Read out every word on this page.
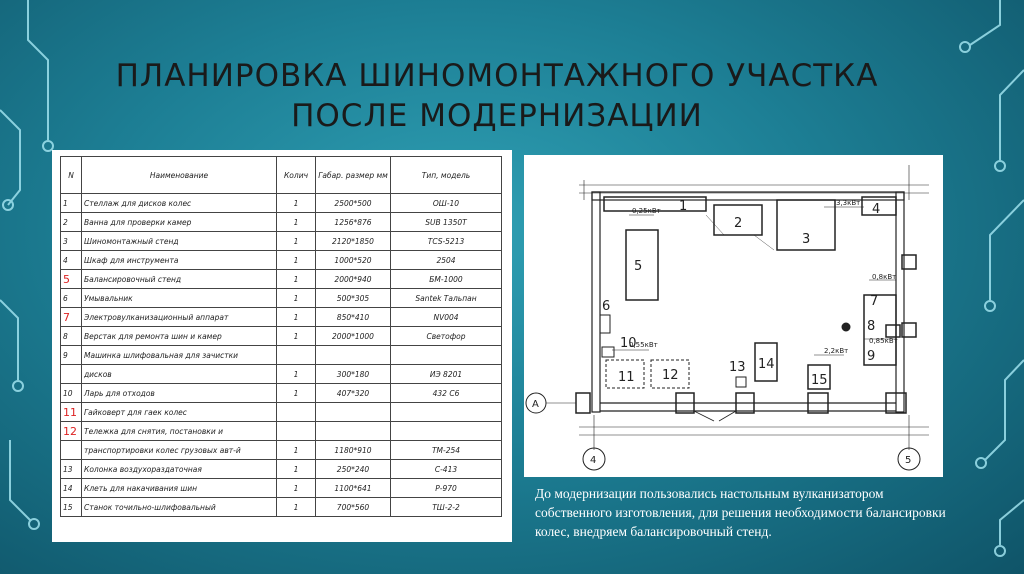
ПЛАНИРОВКА ШИНОМОНТАЖНОГО УЧАСТКА
ПОСЛЕ МОДЕРНИЗАЦИИ
N	Наименование	Колич	Габар. размер мм	Тип, модель
1	Стеллаж для дисков колес	1	2500*500	ОШ-10
2	Ванна для проверки камер	1	1256*876	SUB 1350T
3	Шиномонтажный стенд	1	2120*1850	TCS-5213
4	Шкаф для инструмента	1	1000*520	2504
5	Балансировочный стенд	1	2000*940	БМ-1000
6	Умывальник	1	500*305	Santek Тальпан
7	Электровулканизационный аппарат	1	850*410	NV004
8	Верстак для ремонта шин и камер	1	2000*1000	Светофор
9	Машинка шлифовальная для зачистки			
	дисков	1	300*180	ИЭ 8201
10	Ларь для отходов	1	407*320	432 С6
11	Гайковерт для гаек колес			
12	Тележка для снятия, постановки и			
	транспортировки колес грузовых авт-й	1	1180*910	ТМ-254
13	Колонка воздухораздаточная	1	250*240	С-413
14	Клеть для накачивания шин	1	1100*641	Р-970
15	Станок точильно-шлифовальный	1	700*560	ТШ-2-2
1
2
3
4
5
6	7
8
9
10
11 12
13 14
15
0,25кВт
3,3кВт
0,8кВт
0,85кВт
0,55кВт
2,2кВт
A
4	5
До модернизации пользовались настольным вулканизатором собственного изготовления, для решения необходимости балансировки колес, внедряем балансировочный стенд.
